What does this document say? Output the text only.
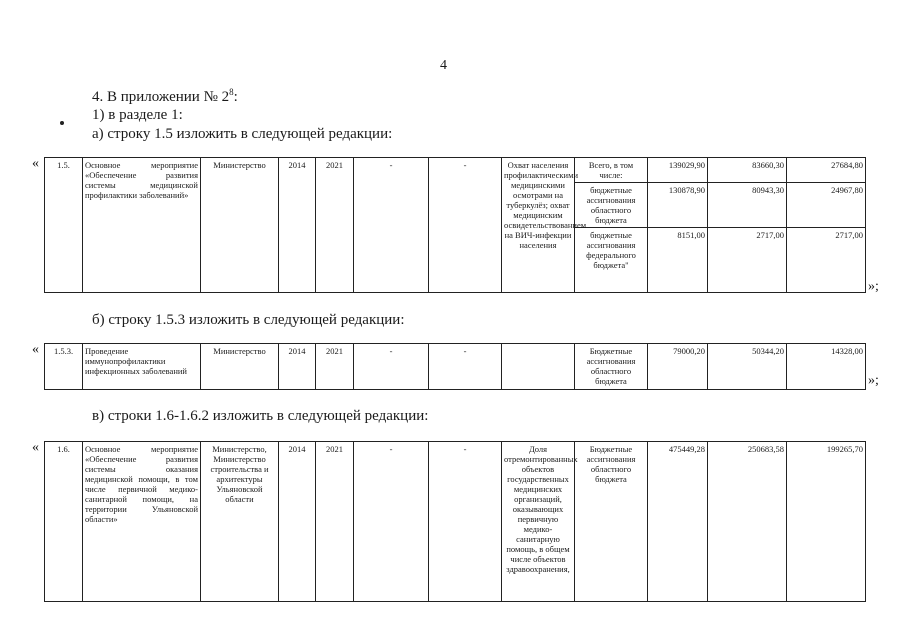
4
4. В приложении № $2^8$:
1) в разделе 1:
а) строку 1.5 изложить в следующей редакции:
« 1.5.	Основное мероприятие «Обеспечение развития системы медицинской профилактики заболеваний»	Министерство	2014	2021	-	-	Охват населения профилактическими медицинскими осмотрами на туберкулёз; охват медицинским освидетельствованием на ВИЧ-инфекции населения	Всего, в том числе:	139029,90	83660,30	27684,80	
								бюджетные ассигнования областного бюджета	130878,90	80943,30	24967,80	
								бюджетные ассигнования федерального бюджета"	8151,00	2717,00	2717,00	
»;
б) строку 1.5.3 изложить в следующей редакции:
« 1.5.3.	Проведение иммунопрофилактики инфекционных заболеваний	Министерство	2014	2021	-	-		Бюджетные ассигнования областного бюджета	79000,20	50344,20	14328,00	
»;
в) строки 1.6-1.6.2 изложить в следующей редакции:
« 1.6.	Основное мероприятие «Обеспечение развития системы оказания медицинской помощи, в том числе первичной медико-санитарной помощи, на территории Ульяновской области»	Министерство, Министерство строительства и архитектуры Ульяновской области	2014	2021	-	-	Доля отремонтированных объектов государственных медицинских организаций, оказывающих первичную медико-санитарную помощь, в общем числе объектов здравоохранения,	Бюджетные ассигнования областного бюджета	475449,28	250683,58	199265,70	
